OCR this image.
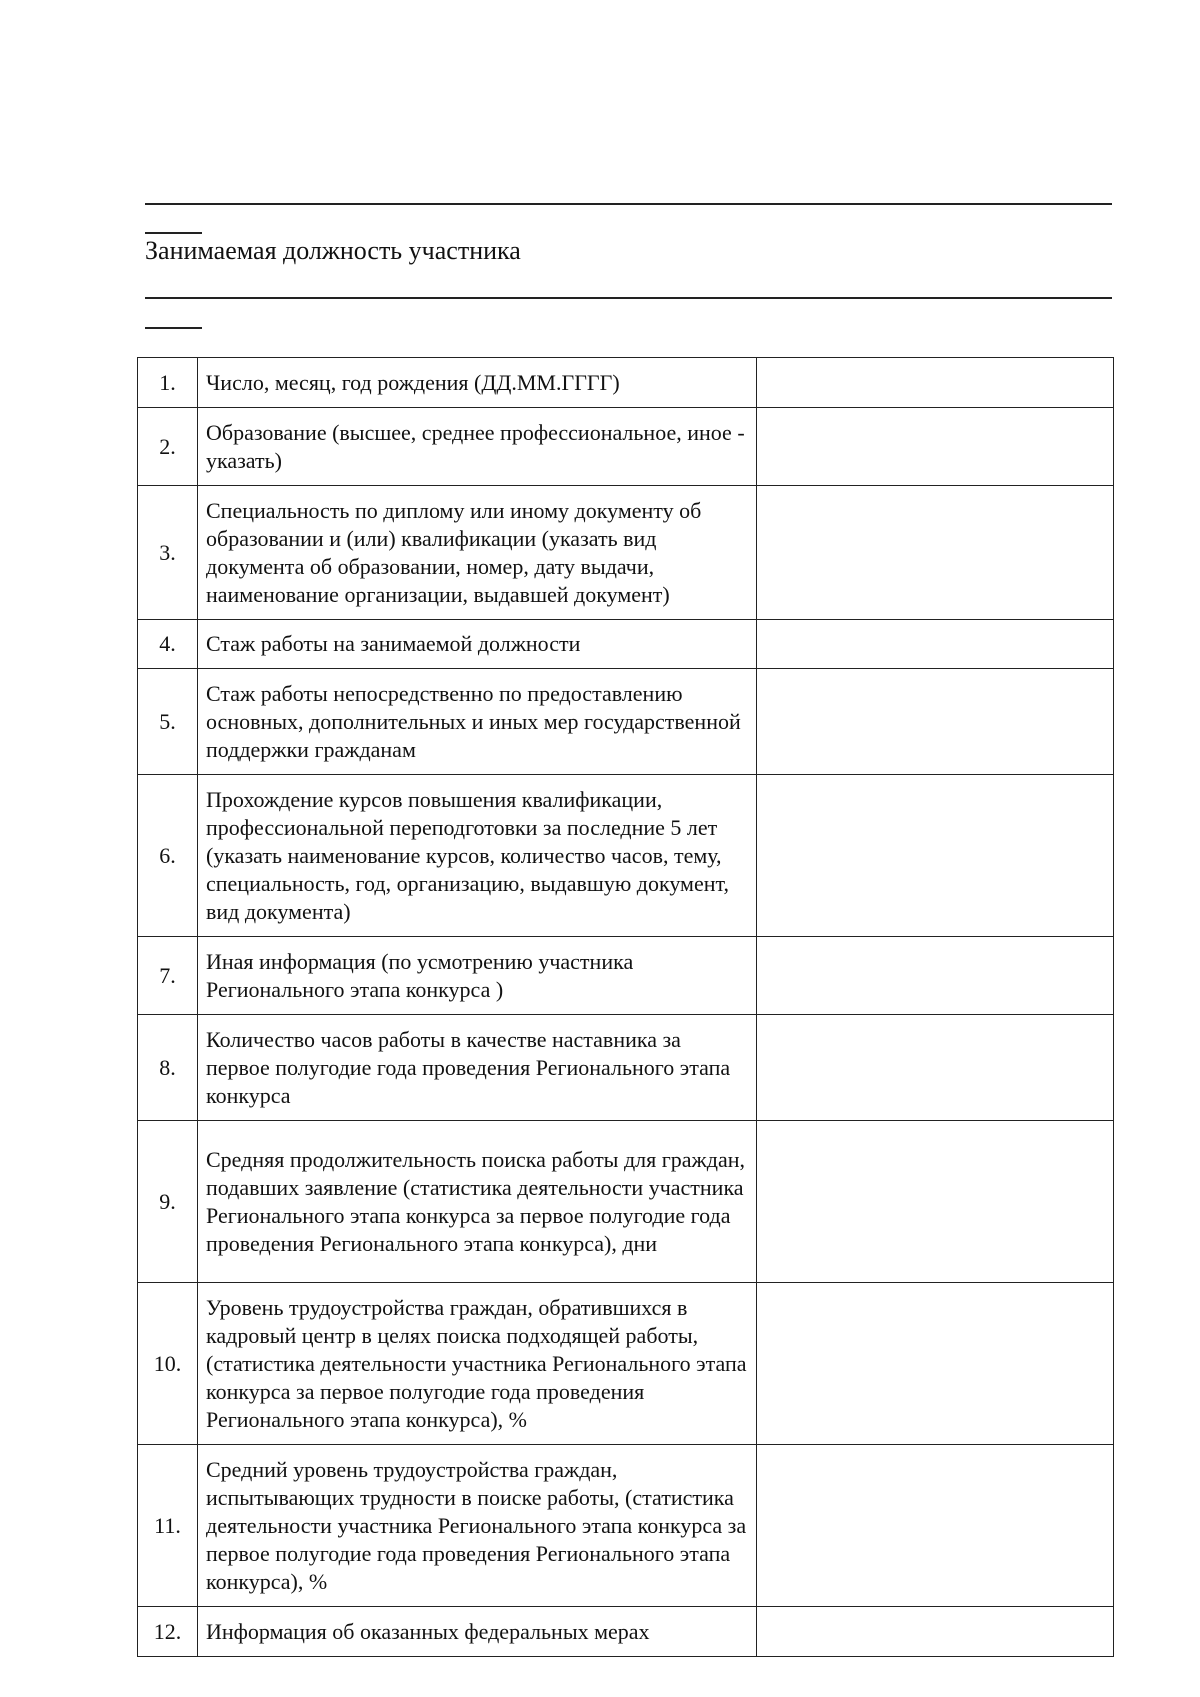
Занимаемая должность участника
1.	Число, месяц, год рождения (ДД.ММ.ГГГГ)	
2.	Образование (высшее, среднее профессиональное, иное - указать)	
3.	Специальность по диплому или иному документу об образовании и (или) квалификации (указать вид документа об образовании, номер, дату выдачи, наименование организации, выдавшей документ)	
4.	Стаж работы на занимаемой должности	
5.	Стаж работы непосредственно по предоставлению основных, дополнительных и иных мер государственной поддержки гражданам	
6.	Прохождение курсов повышения квалификации, профессиональной переподготовки за последние 5 лет (указать наименование курсов, количество часов, тему, специальность, год, организацию, выдавшую документ, вид документа)	
7.	Иная информация (по усмотрению участника Регионального этапа конкурса )	
8.	Количество часов работы в качестве наставника за первое полугодие года проведения Регионального этапа конкурса	
9.	Средняя продолжительность поиска работы для граждан, подавших заявление (статистика деятельности участника Регионального этапа конкурса за первое полугодие года проведения Регионального этапа конкурса), дни	
10.	Уровень трудоустройства граждан, обратившихся в кадровый центр в целях поиска подходящей работы, (статистика деятельности участника Регионального этапа конкурса за первое полугодие года проведения Регионального этапа конкурса), %	
11.	Средний уровень трудоустройства граждан, испытывающих трудности в поиске работы, (статистика деятельности участника Регионального этапа конкурса за первое полугодие года проведения Регионального этапа конкурса), %	
12.	Информация об оказанных федеральных мерах	
